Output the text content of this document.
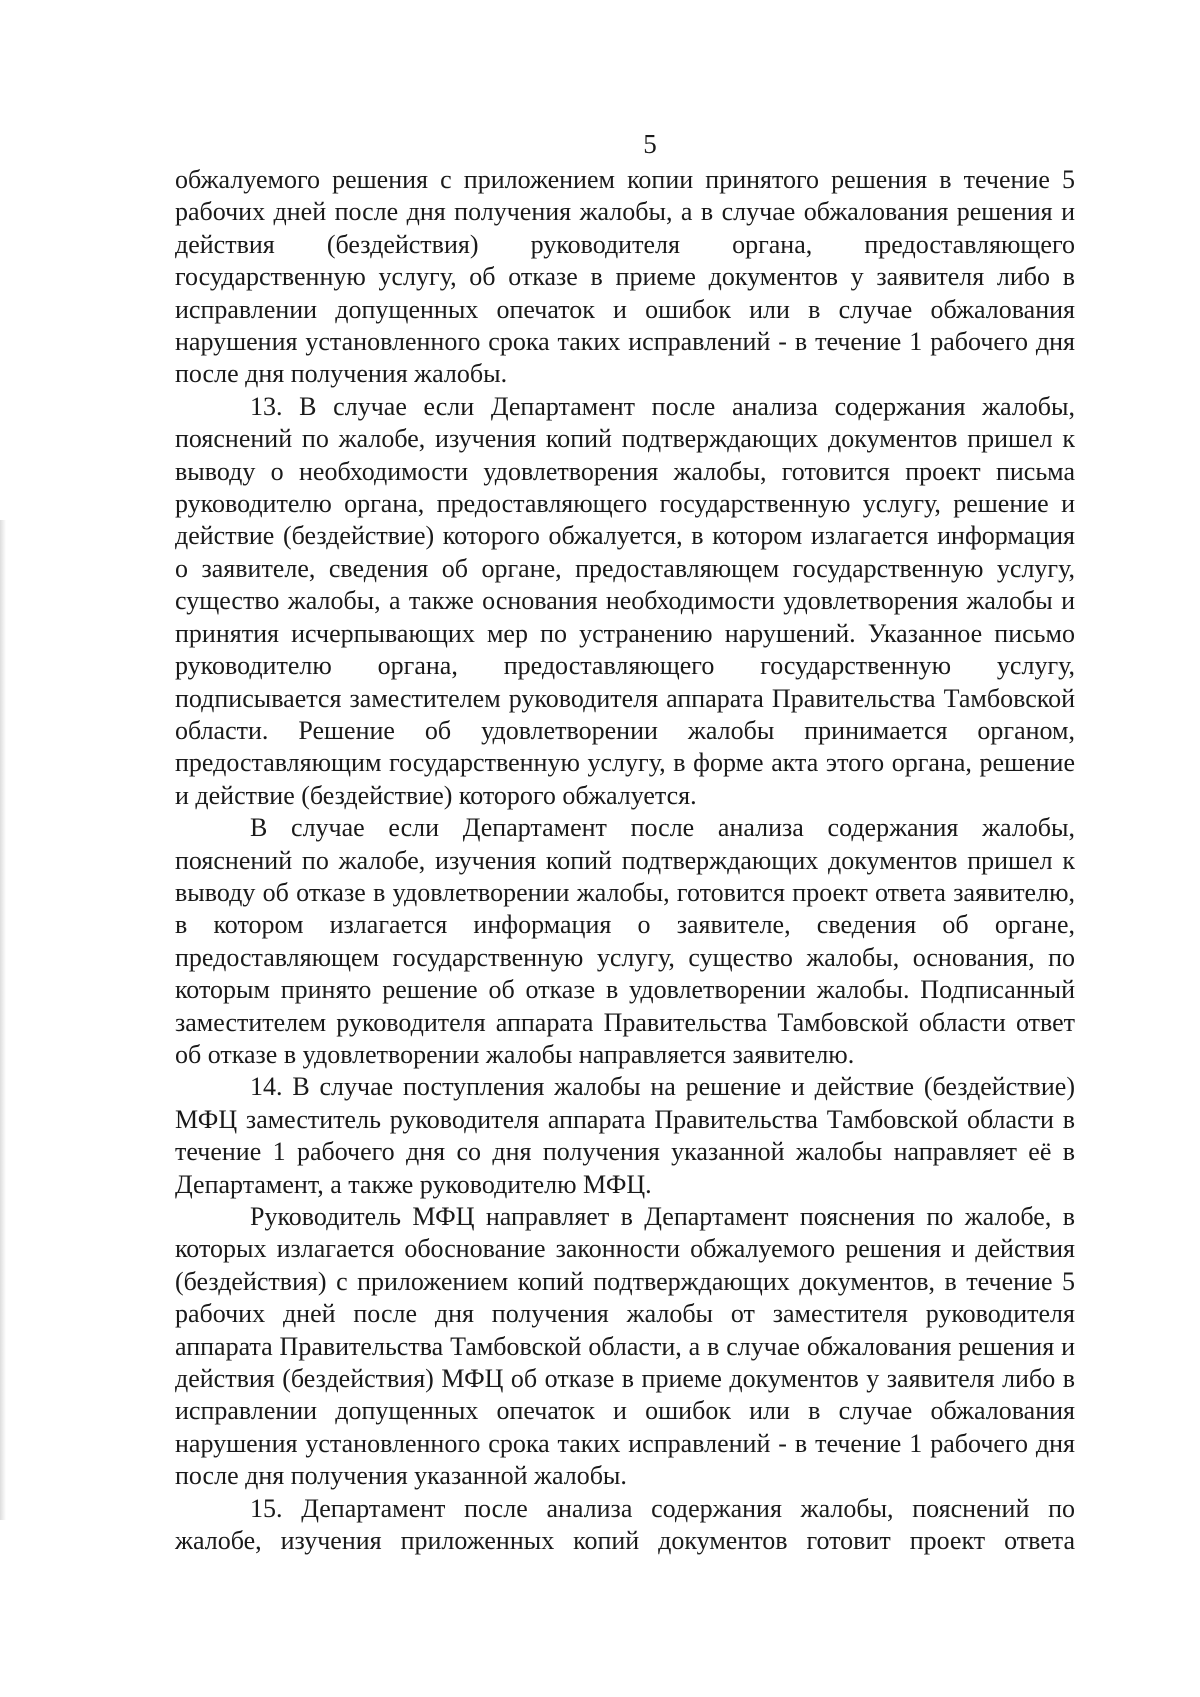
5

обжалуемого решения с приложением копии принятого решения в течение 5 рабочих дней после дня получения жалобы, а в случае обжалования решения и действия (бездействия) руководителя органа, предоставляющего государственную услугу, об отказе в приеме документов у заявителя либо в исправлении допущенных опечаток и ошибок или в случае обжалования нарушения установленного срока таких исправлений - в течение 1 рабочего дня после дня получения жалобы.

13. В случае если Департамент после анализа содержания жалобы, пояснений по жалобе, изучения копий подтверждающих документов пришел к выводу о необходимости удовлетворения жалобы, готовится проект письма руководителю органа, предоставляющего государственную услугу, решение и действие (бездействие) которого обжалуется, в котором излагается информация о заявителе, сведения об органе, предоставляющем государственную услугу, существо жалобы, а также основания необходимости удовлетворения жалобы и принятия исчерпывающих мер по устранению нарушений. Указанное письмо руководителю органа, предоставляющего государственную услугу, подписывается заместителем руководителя аппарата Правительства Тамбовской области. Решение об удовлетворении жалобы принимается органом, предоставляющим государственную услугу, в форме акта этого органа, решение и действие (бездействие) которого обжалуется.

В случае если Департамент после анализа содержания жалобы, пояснений по жалобе, изучения копий подтверждающих документов пришел к выводу об отказе в удовлетворении жалобы, готовится проект ответа заявителю, в котором излагается информация о заявителе, сведения об органе, предоставляющем государственную услугу, существо жалобы, основания, по которым принято решение об отказе в удовлетворении жалобы. Подписанный заместителем руководителя аппарата Правительства Тамбовской области ответ об отказе в удовлетворении жалобы направляется заявителю.

14. В случае поступления жалобы на решение и действие (бездействие) МФЦ заместитель руководителя аппарата Правительства Тамбовской области в течение 1 рабочего дня со дня получения указанной жалобы направляет её в Департамент, а также руководителю МФЦ.

Руководитель МФЦ направляет в Департамент пояснения по жалобе, в которых излагается обоснование законности обжалуемого решения и действия (бездействия) с приложением копий подтверждающих документов, в течение 5 рабочих дней после дня получения жалобы от заместителя руководителя аппарата Правительства Тамбовской области, а в случае обжалования решения и действия (бездействия) МФЦ об отказе в приеме документов у заявителя либо в исправлении допущенных опечаток и ошибок или в случае обжалования нарушения установленного срока таких исправлений - в течение 1 рабочего дня после дня получения указанной жалобы.

15. Департамент после анализа содержания жалобы, пояснений по жалобе, изучения приложенных копий документов готовит проект ответа
